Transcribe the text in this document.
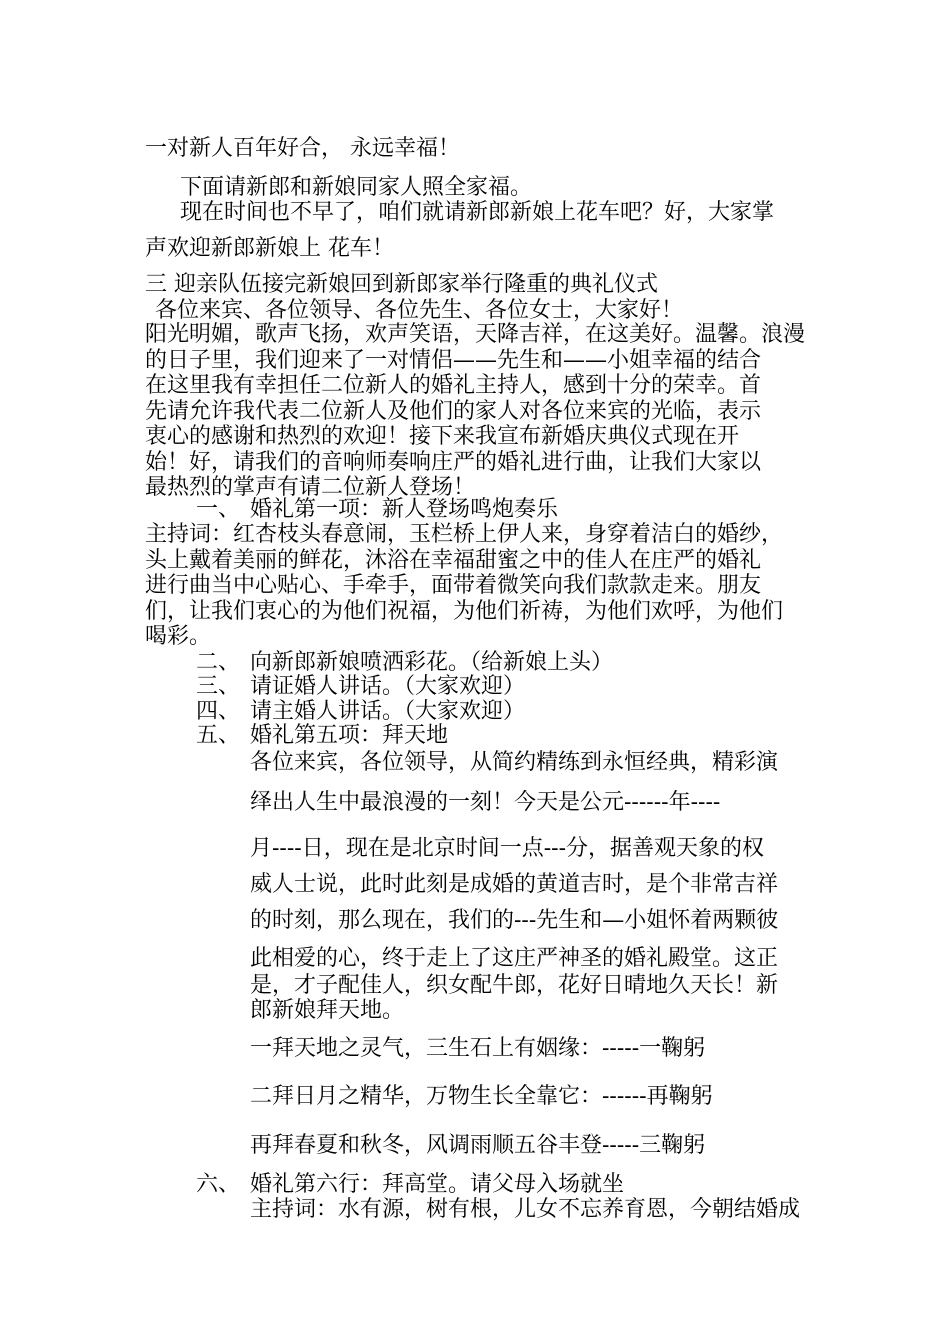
一对新人百年好合， 永远幸福！
下面请新郎和新娘同家人照全家福。
现在时间也不早了，咱们就请新郎新娘上花车吧？好，大家掌
声欢迎新郎新娘上 花车！
三 迎亲队伍接完新娘回到新郎家举行隆重的典礼仪式
各位来宾、各位领导、各位先生、各位女士，大家好！
阳光明媚，歌声飞扬，欢声笑语，天降吉祥，在这美好。温馨。浪漫
的日子里，我们迎来了一对情侣——先生和——小姐幸福的结合
在这里我有幸担任二位新人的婚礼主持人，感到十分的荣幸。首
先请允许我代表二位新人及他们的家人对各位来宾的光临，表示
衷心的感谢和热烈的欢迎！接下来我宣布新婚庆典仪式现在开
始！好，请我们的音响师奏响庄严的婚礼进行曲，让我们大家以
最热烈的掌声有请二位新人登场！
一、 婚礼第一项：新人登场鸣炮奏乐
主持词：红杏枝头春意闹，玉栏桥上伊人来，身穿着洁白的婚纱，
头上戴着美丽的鲜花，沐浴在幸福甜蜜之中的佳人在庄严的婚礼
进行曲当中心贴心、手牵手，面带着微笑向我们款款走来。朋友
们，让我们衷心的为他们祝福，为他们祈祷，为他们欢呼，为他们
喝彩。
二、 向新郎新娘喷洒彩花。（给新娘上头）
三、 请证婚人讲话。（大家欢迎）
四、 请主婚人讲话。（大家欢迎）
五、 婚礼第五项：拜天地
各位来宾，各位领导，从简约精练到永恒经典，精彩演
绎出人生中最浪漫的一刻！今天是公元------年----
月----日，现在是北京时间一点---分，据善观天象的权
威人士说，此时此刻是成婚的黄道吉时，是个非常吉祥
的时刻，那么现在，我们的---先生和—小姐怀着两颗彼
此相爱的心，终于走上了这庄严神圣的婚礼殿堂。这正
是，才子配佳人，织女配牛郎，花好日晴地久天长！新
郎新娘拜天地。
一拜天地之灵气，三生石上有姻缘：-----一鞠躬
二拜日月之精华，万物生长全靠它：------再鞠躬
再拜春夏和秋冬，风调雨顺五谷丰登-----三鞠躬
六、 婚礼第六行：拜高堂。请父母入场就坐
主持词：水有源，树有根，儿女不忘养育恩，今朝结婚成
